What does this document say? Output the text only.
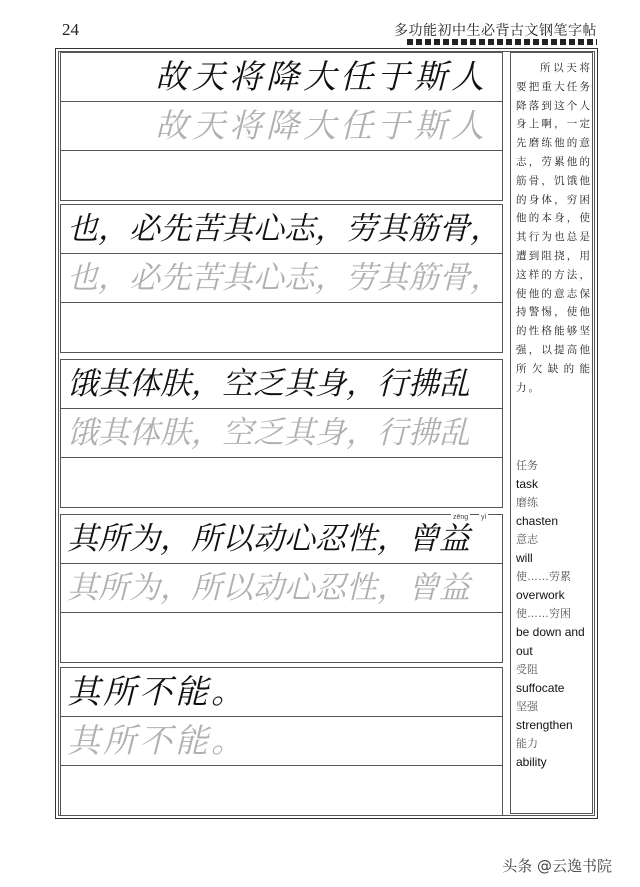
24	多功能初中生必背古文钢笔字帖
故天将降大任于斯人
故天将降大任于斯人
也，必先苦其心志，劳其筋骨，
也，必先苦其心志，劳其筋骨，
饿其体肤，空乏其身，行拂乱
饿其体肤，空乏其身，行拂乱
zēng yì
其所为，所以动心忍性，曾益
其所为，所以动心忍性，曾益
其所不能。
其所不能。
所以天将要把重大任务降落到这个人身上啊，一定先磨练他的意志，劳累他的筋骨，饥饿他的身体，穷困他的本身，使其行为也总是遭到阻挠，用这样的方法，使他的意志保持警惕，使他的性格能够坚强，以提高他所欠缺的能力。
任务
task
磨练
chasten
意志
will
使……劳累
overwork
使……穷困
be down and out
受阻
suffocate
坚强
strengthen
能力
ability
头条 @云逸书院
